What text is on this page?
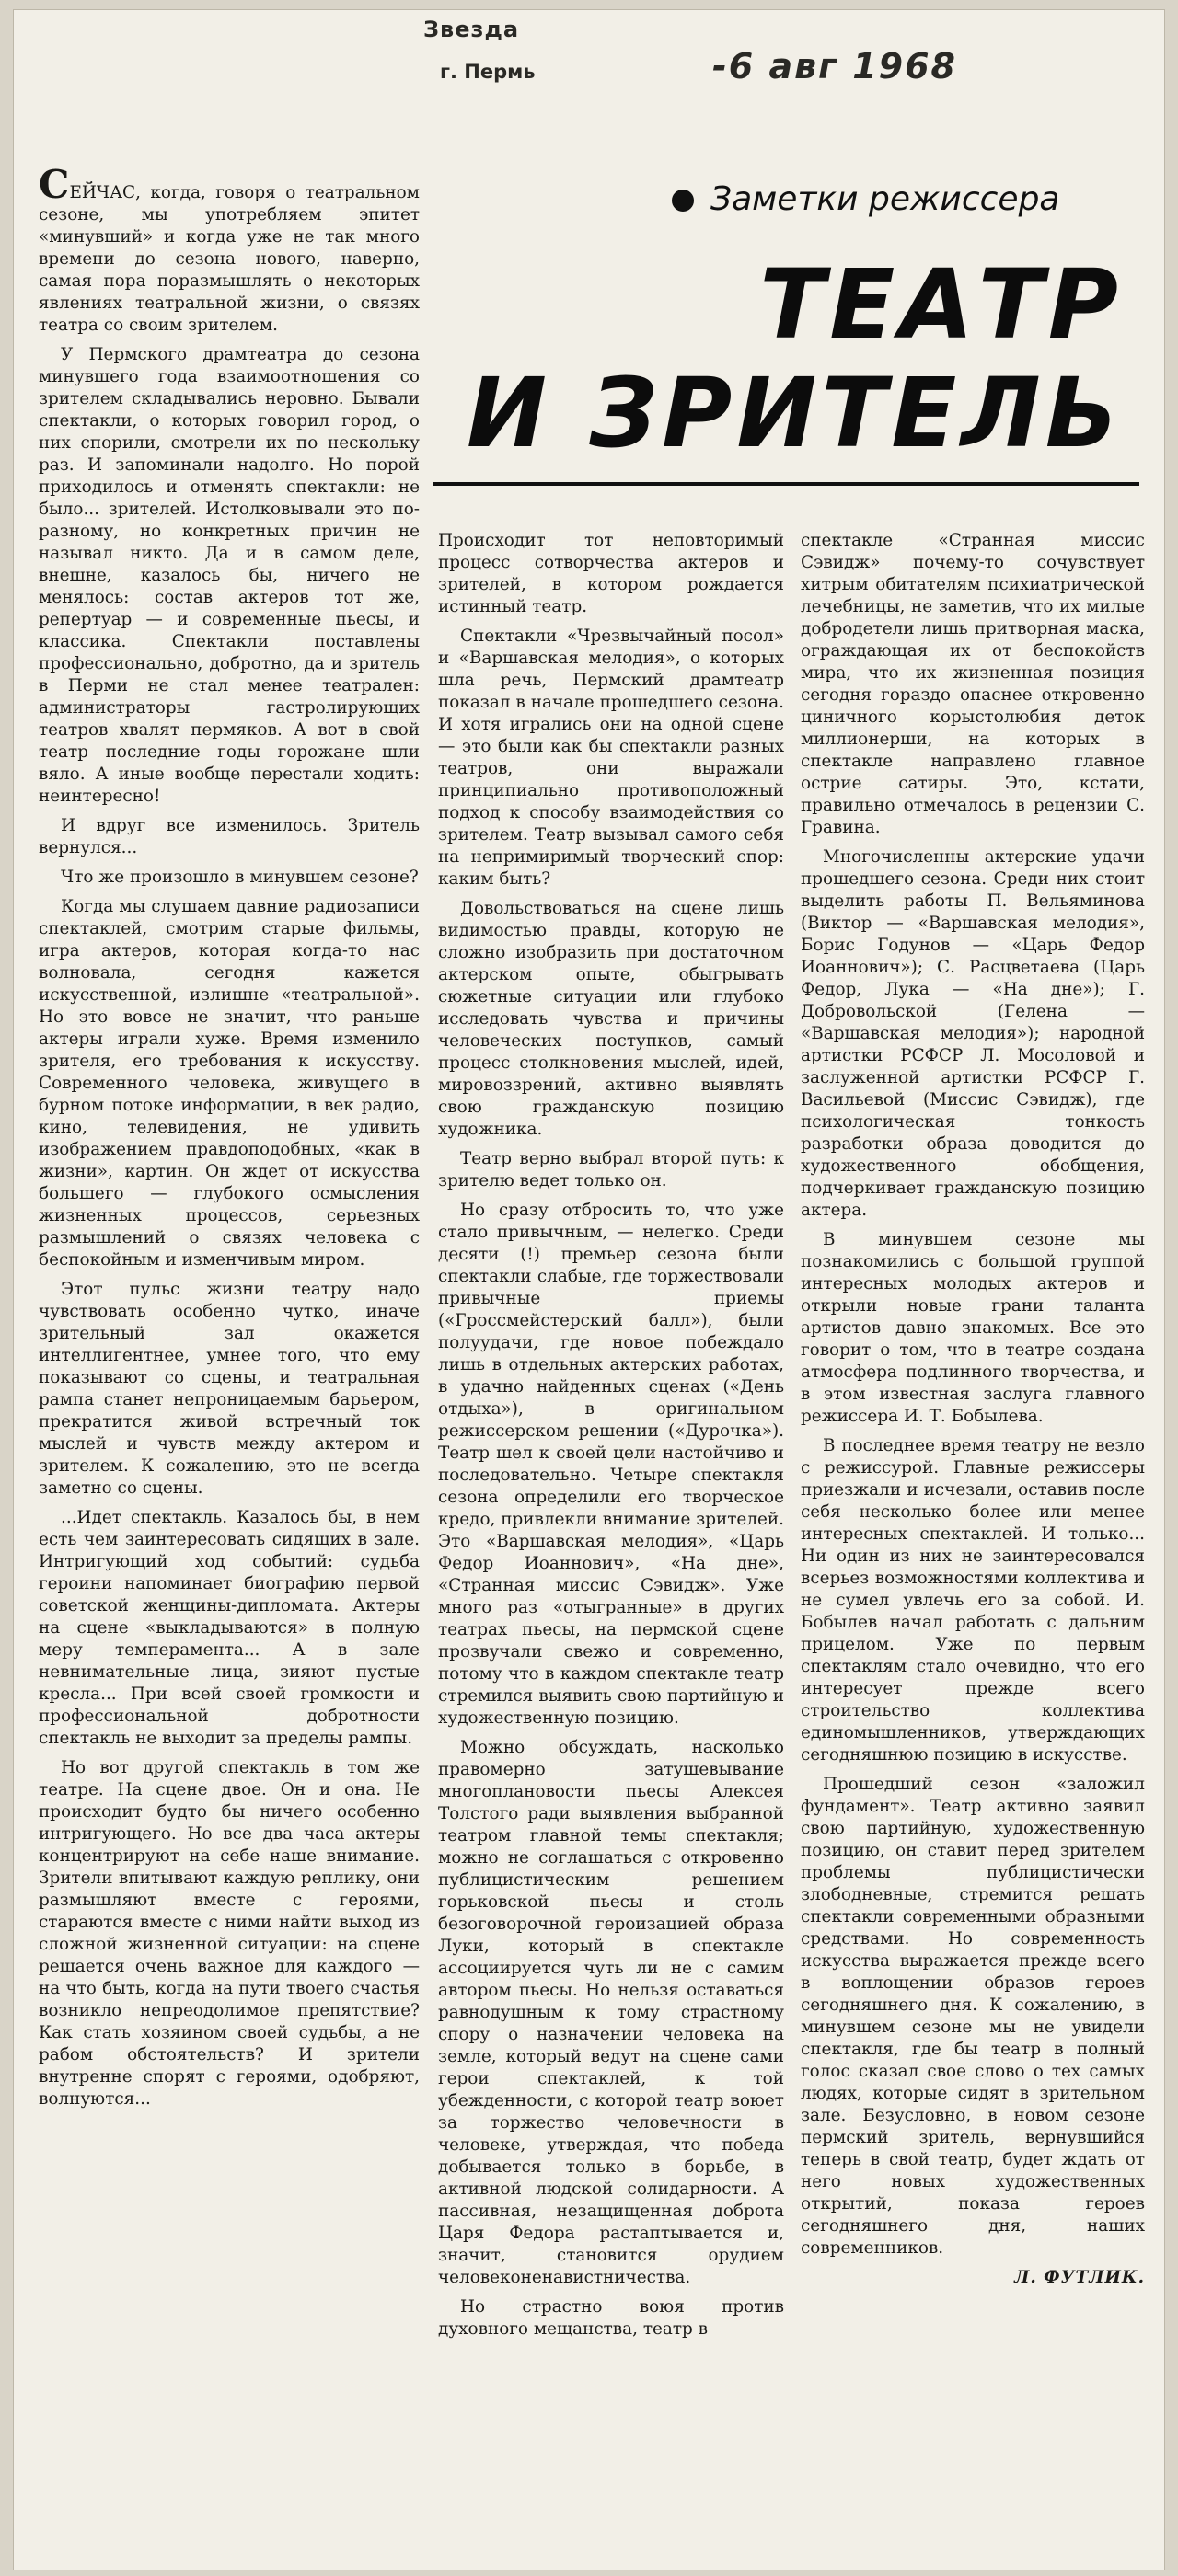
Звезда
г. Пермь	-6 авг 1968
Заметки режиссера
ТЕАТР
И ЗРИТЕЛЬ

СЕЙЧАС, когда, говоря о театральном сезоне, мы употребляем эпитет «минувший» и когда уже не так много времени до сезона нового, наверно, самая пора поразмышлять о некоторых явлениях театральной жизни, о связях театра со своим зрителем.

У Пермского драмтеатра до сезона минувшего года взаимоотношения со зрителем складывались неровно. Бывали спектакли, о которых говорил город, о них спорили, смотрели их по нескольку раз. И запоминали надолго. Но порой приходилось и отменять спектакли: не было... зрителей. Истолковывали это по-разному, но конкретных причин не называл никто. Да и в самом деле, внешне, казалось бы, ничего не менялось: состав актеров тот же, репертуар — и современные пьесы, и классика. Спектакли поставлены профессионально, добротно, да и зритель в Перми не стал менее театрален: администраторы гастролирующих театров хвалят пермяков. А вот в свой театр последние годы горожане шли вяло. А иные вообще перестали ходить: неинтересно!

И вдруг все изменилось. Зритель вернулся...

Что же произошло в минувшем сезоне?

Когда мы слушаем давние радиозаписи спектаклей, смотрим старые фильмы, игра актеров, которая когда-то нас волновала, сегодня кажется искусственной, излишне «театральной». Но это вовсе не значит, что раньше актеры играли хуже. Время изменило зрителя, его требования к искусству. Современного человека, живущего в бурном потоке информации, в век радио, кино, телевидения, не удивить изображением правдоподобных, «как в жизни», картин. Он ждет от искусства большего — глубокого осмысления жизненных процессов, серьезных размышлений о связях человека с беспокойным и изменчивым миром.

Этот пульс жизни театру надо чувствовать особенно чутко, иначе зрительный зал окажется интеллигентнее, умнее того, что ему показывают со сцены, и театральная рампа станет непроницаемым барьером, прекратится живой встречный ток мыслей и чувств между актером и зрителем. К сожалению, это не всегда заметно со сцены.

...Идет спектакль. Казалось бы, в нем есть чем заинтересовать сидящих в зале. Интригующий ход событий: судьба героини напоминает биографию первой советской женщины-дипломата. Актеры на сцене «выкладываются» в полную меру темперамента... А в зале невнимательные лица, зияют пустые кресла... При всей своей громкости и профессиональной добротности спектакль не выходит за пределы рампы.

Но вот другой спектакль в том же театре. На сцене двое. Он и она. Не происходит будто бы ничего особенно интригующего. Но все два часа актеры концентрируют на себе наше внимание. Зрители впитывают каждую реплику, они размышляют вместе с героями, стараются вместе с ними найти выход из сложной жизненной ситуации: на сцене решается очень важное для каждого — на что быть, когда на пути твоего счастья возникло непреодолимое препятствие? Как стать хозяином своей судьбы, а не рабом обстоятельств? И зрители внутренне спорят с героями, одобряют, волнуются...

Происходит тот неповторимый процесс сотворчества актеров и зрителей, в котором рождается истинный театр.

Спектакли «Чрезвычайный посол» и «Варшавская мелодия», о которых шла речь, Пермский драмтеатр показал в начале прошедшего сезона. И хотя игрались они на одной сцене — это были как бы спектакли разных театров, они выражали принципиально противоположный подход к способу взаимодействия со зрителем. Театр вызывал самого себя на непримиримый творческий спор: каким быть?

Довольствоваться на сцене лишь видимостью правды, которую не сложно изобразить при достаточном актерском опыте, обыгрывать сюжетные ситуации или глубоко исследовать чувства и причины человеческих поступков, самый процесс столкновения мыслей, идей, мировоззрений, активно выявлять свою гражданскую позицию художника.

Театр верно выбрал второй путь: к зрителю ведет только он.

Но сразу отбросить то, что уже стало привычным, — нелегко. Среди десяти (!) премьер сезона были спектакли слабые, где торжествовали привычные приемы («Гроссмейстерский балл»), были полуудачи, где новое побеждало лишь в отдельных актерских работах, в удачно найденных сценах («День отдыха»), в оригинальном режиссерском решении («Дурочка»). Театр шел к своей цели настойчиво и последовательно. Четыре спектакля сезона определили его творческое кредо, привлекли внимание зрителей. Это «Варшавская мелодия», «Царь Федор Иоаннович», «На дне», «Странная миссис Сэвидж». Уже много раз «отыгранные» в других театрах пьесы, на пермской сцене прозвучали свежо и современно, потому что в каждом спектакле театр стремился выявить свою партийную и художественную позицию.

Можно обсуждать, насколько правомерно затушевывание многоплановости пьесы Алексея Толстого ради выявления выбранной театром главной темы спектакля; можно не соглашаться с откровенно публицистическим решением горьковской пьесы и столь безоговорочной героизацией образа Луки, который в спектакле ассоциируется чуть ли не с самим автором пьесы. Но нельзя оставаться равнодушным к тому страстному спору о назначении человека на земле, который ведут на сцене сами герои спектаклей, к той убежденности, с которой театр воюет за торжество человечности в человеке, утверждая, что победа добывается только в борьбе, в активной людской солидарности. А пассивная, незащищенная доброта Царя Федора растаптывается и, значит, становится орудием человеконенавистничества.

Но страстно воюя против духовного мещанства, театр в

спектакле «Странная миссис Сэвидж» почему-то сочувствует хитрым обитателям психиатрической лечебницы, не заметив, что их милые добродетели лишь притворная маска, ограждающая их от беспокойств мира, что их жизненная позиция сегодня гораздо опаснее откровенно циничного корыстолюбия деток миллионерши, на которых в спектакле направлено главное острие сатиры. Это, кстати, правильно отмечалось в рецензии С. Гравина.

Многочисленны актерские удачи прошедшего сезона. Среди них стоит выделить работы П. Вельяминова (Виктор — «Варшавская мелодия», Борис Годунов — «Царь Федор Иоаннович»); С. Расцветаева (Царь Федор, Лука — «На дне»); Г. Добровольской (Гелена — «Варшавская мелодия»); народной артистки РСФСР Л. Мосоловой и заслуженной артистки РСФСР Г. Васильевой (Миссис Сэвидж), где психологическая тонкость разработки образа доводится до художественного обобщения, подчеркивает гражданскую позицию актера.

В минувшем сезоне мы познакомились с большой группой интересных молодых актеров и открыли новые грани таланта артистов давно знакомых. Все это говорит о том, что в театре создана атмосфера подлинного творчества, и в этом известная заслуга главного режиссера И. Т. Бобылева.

В последнее время театру не везло с режиссурой. Главные режиссеры приезжали и исчезали, оставив после себя несколько более или менее интересных спектаклей. И только... Ни один из них не заинтересовался всерьез возможностями коллектива и не сумел увлечь его за собой. И. Бобылев начал работать с дальним прицелом. Уже по первым спектаклям стало очевидно, что его интересует прежде всего строительство коллектива единомышленников, утверждающих сегодняшнюю позицию в искусстве.

Прошедший сезон «заложил фундамент». Театр активно заявил свою партийную, художественную позицию, он ставит перед зрителем проблемы публицистически злободневные, стремится решать спектакли современными образными средствами. Но современность искусства выражается прежде всего в воплощении образов героев сегодняшнего дня. К сожалению, в минувшем сезоне мы не увидели спектакля, где бы театр в полный голос сказал свое слово о тех самых людях, которые сидят в зрительном зале. Безусловно, в новом сезоне пермский зритель, вернувшийся теперь в свой театр, будет ждать от него новых художественных открытий, показа героев сегодняшнего дня, наших современников.

Л. ФУТЛИК.
